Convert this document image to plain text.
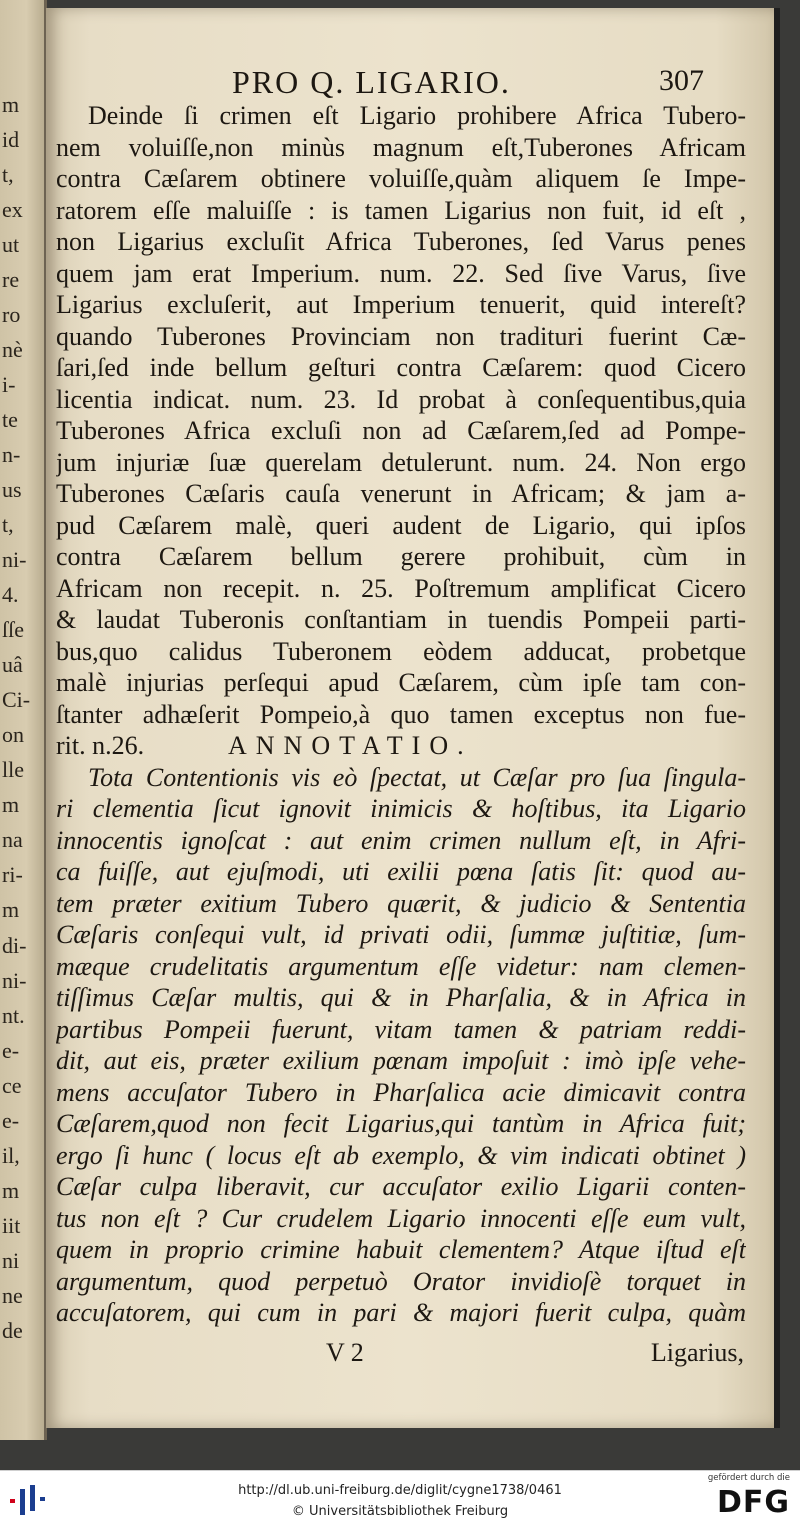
m
id
t,
ex
ut
re
ro
nè
i-
te
n-
us
t,
ni-
4.
ſſe
uâ
Ci-
on
lle
m
na
ri-
m
di-
ni-
nt.
e-
ce
e-
il,
m
iit
ni
ne
de
PRO Q. LIGARIO.	307
Deinde ſi crimen eſt Ligario prohibere Africa Tubero-
nem voluiſſe,non minùs magnum eſt,Tuberones Africam
contra Cæſarem obtinere voluiſſe,quàm aliquem ſe Impe-
ratorem eſſe maluiſſe : is tamen Ligarius non fuit, id eſt ,
non Ligarius excluſit Africa Tuberones, ſed Varus penes
quem jam erat Imperium. num. 22. Sed ſive Varus, ſive
Ligarius excluſerit, aut Imperium tenuerit, quid intereſt?
quando Tuberones Provinciam non tradituri fuerint Cæ-
ſari,ſed inde bellum geſturi contra Cæſarem: quod Cicero
licentia indicat. num. 23. Id probat à conſequentibus,quia
Tuberones Africa excluſi non ad Cæſarem,ſed ad Pompe-
jum injuriæ ſuæ querelam detulerunt. num. 24. Non ergo
Tuberones Cæſaris cauſa venerunt in Africam; & jam a-
pud Cæſarem malè, queri audent de Ligario, qui ipſos
contra Cæſarem bellum gerere prohibuit, cùm in
Africam non recepit. n. 25. Poſtremum amplificat Cicero
& laudat Tuberonis conſtantiam in tuendis Pompeii parti-
bus,quo calidus Tuberonem eòdem adducat, probetque
malè injurias perſequi apud Cæſarem, cùm ipſe tam con-
ſtanter adhæſerit Pompeio,à quo tamen exceptus non fue-
rit. n.26.	ANNOTATIO.
Tota Contentionis vis eò ſpectat, ut Cæſar pro ſua ſingula-
ri clementia ſicut ignovit inimicis & hoſtibus, ita Ligario
innocentis ignoſcat : aut enim crimen nullum eſt, in Afri-
ca fuiſſe, aut ejuſmodi, uti exilii pœna ſatis ſit: quod au-
tem præter exitium Tubero quærit, & judicio & Sententia
Cæſaris conſequi vult, id privati odii, ſummæ juſtitiæ, ſum-
mæque crudelitatis argumentum eſſe videtur: nam clemen-
tiſſimus Cæſar multis, qui & in Pharſalia, & in Africa in
partibus Pompeii fuerunt, vitam tamen & patriam reddi-
dit, aut eis, præter exilium pœnam impoſuit : imò ipſe vehe-
mens accuſator Tubero in Pharſalica acie dimicavit contra
Cæſarem,quod non fecit Ligarius,qui tantùm in Africa fuit;
ergo ſi hunc ( locus eſt ab exemplo, & vim indicati obtinet )
Cæſar culpa liberavit, cur accuſator exilio Ligarii conten-
tus non eſt ? Cur crudelem Ligario innocenti eſſe eum vult,
quem in proprio crimine habuit clementem? Atque iſtud eſt
argumentum, quod perpetuò Orator invidioſè torquet in
accuſatorem, qui cum in pari & majori fuerit culpa, quàm
V 2	Ligarius,
http://dl.ub.uni-freiburg.de/diglit/cygne1738/0461
© Universitätsbibliothek Freiburg
gefördert durch die
DFG
